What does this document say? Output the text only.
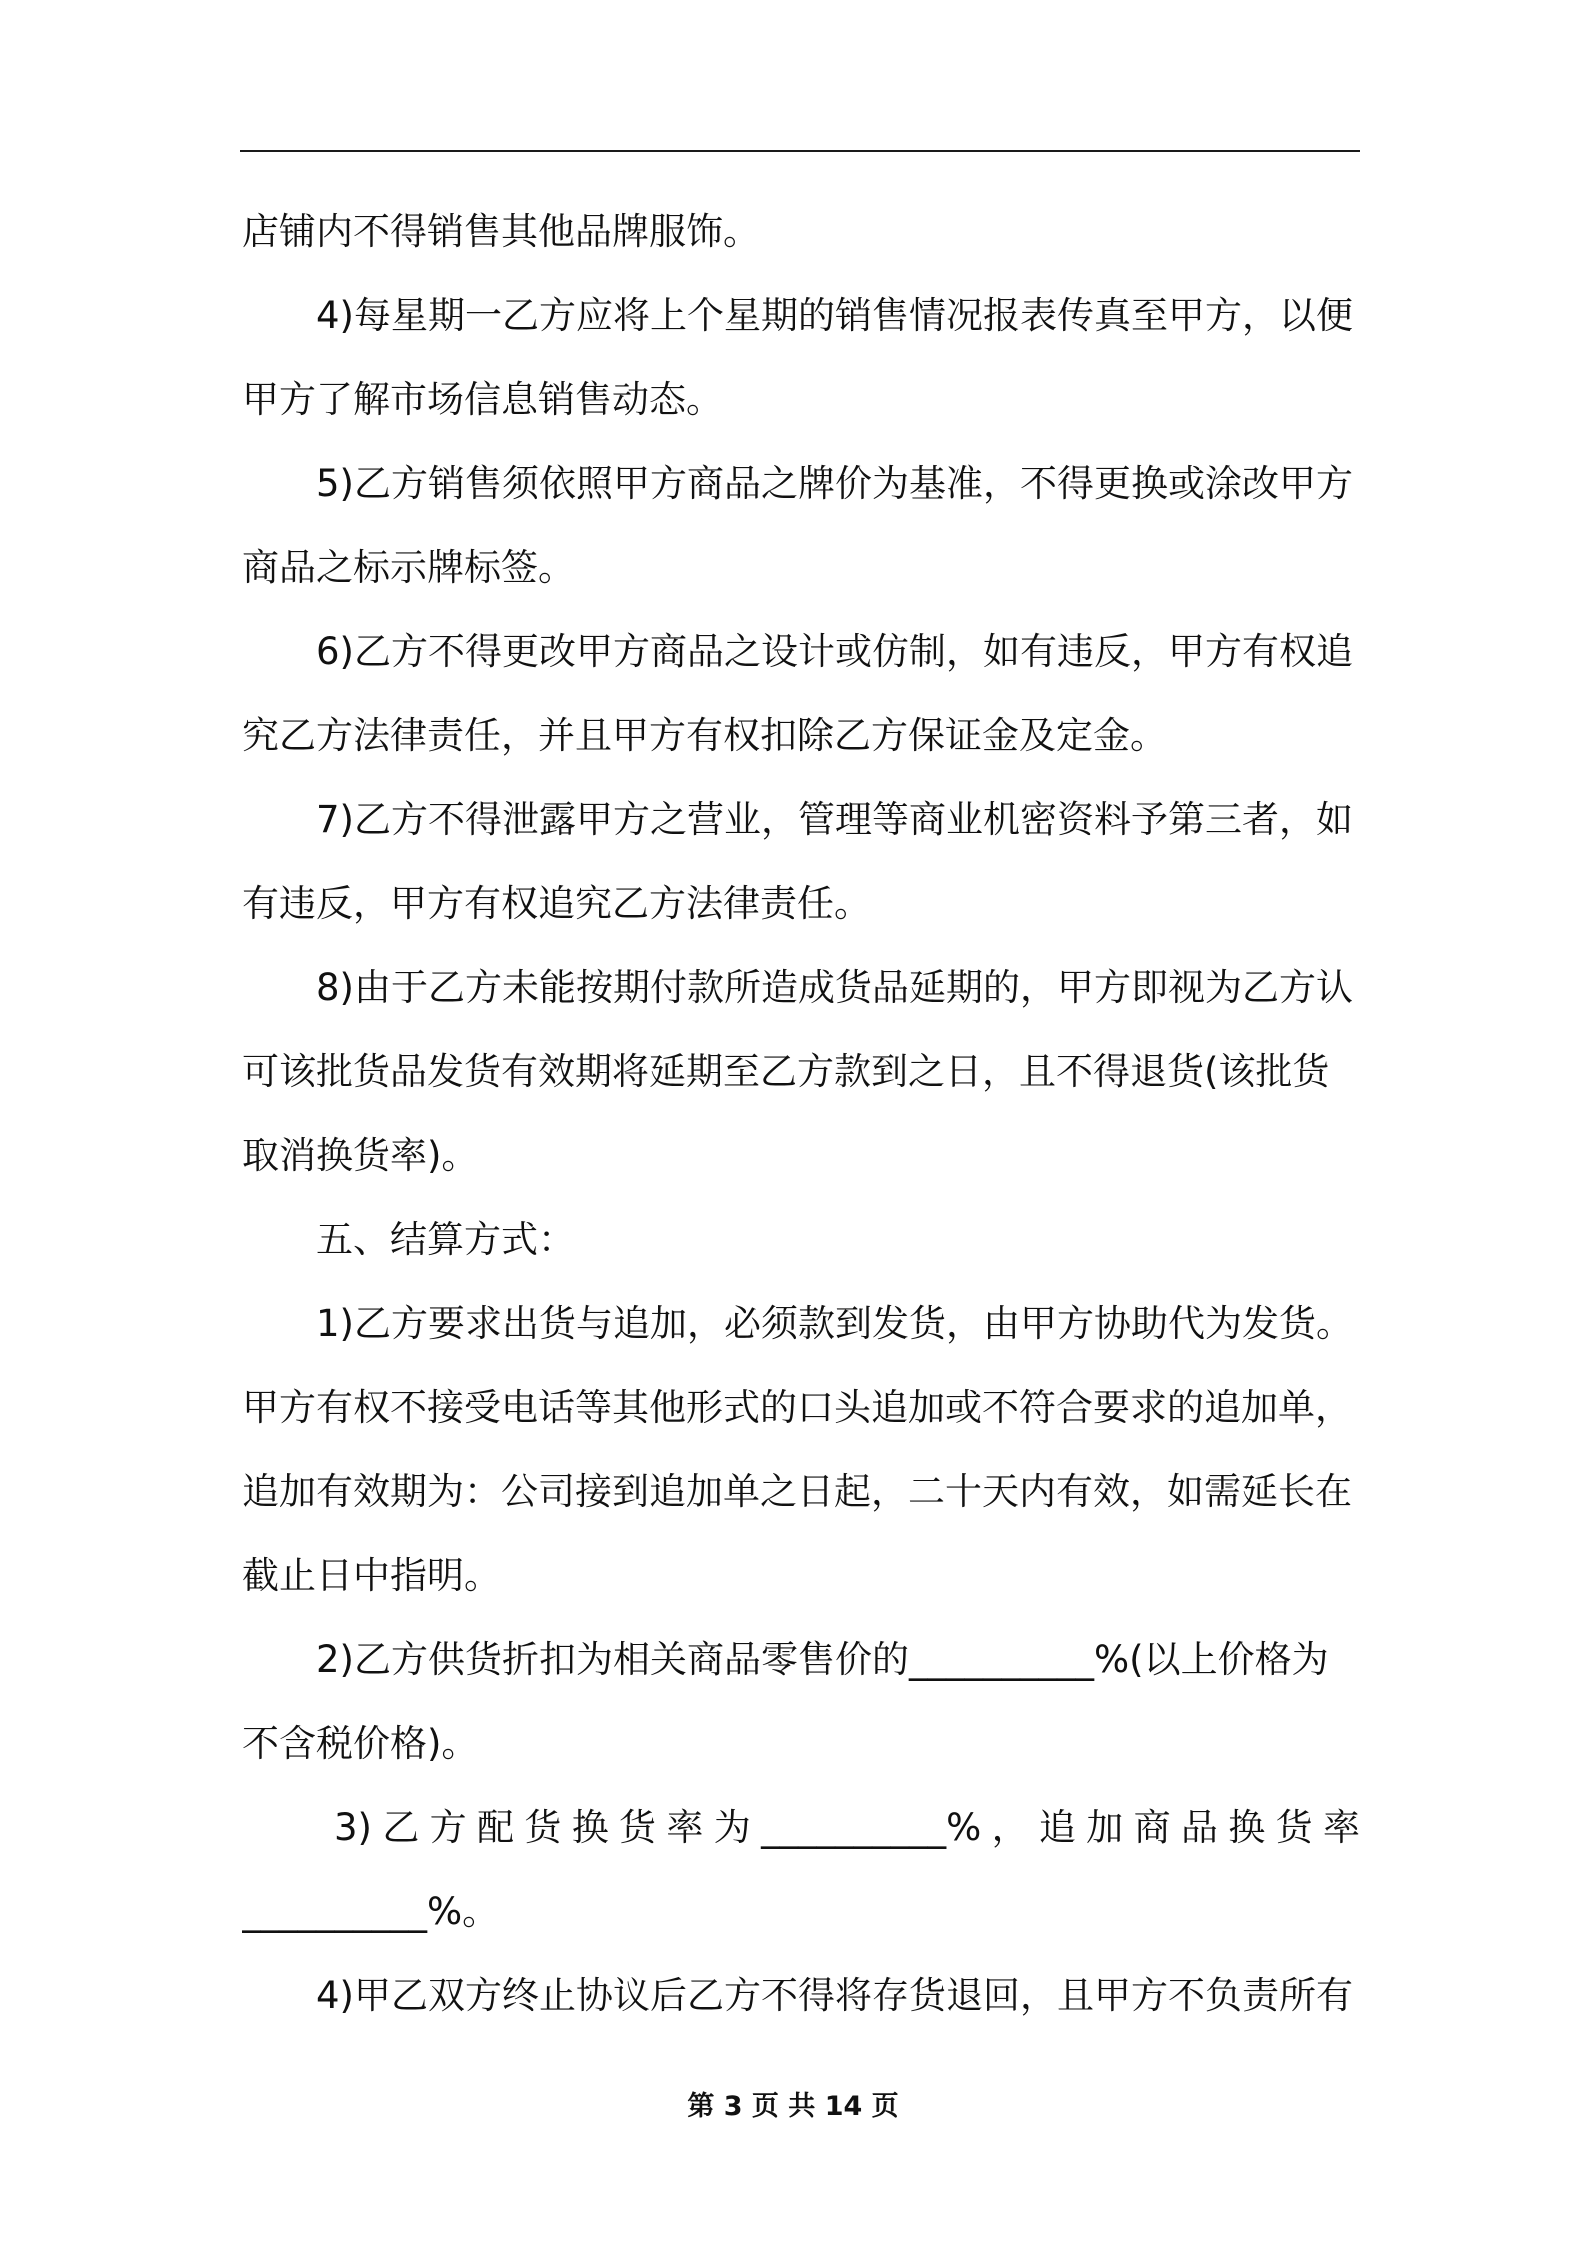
店铺内不得销售其他品牌服饰。
4)每星期一乙方应将上个星期的销售情况报表传真至甲方，以便
甲方了解市场信息销售动态。
5)乙方销售须依照甲方商品之牌价为基准，不得更换或涂改甲方
商品之标示牌标签。
6)乙方不得更改甲方商品之设计或仿制，如有违反，甲方有权追
究乙方法律责任，并且甲方有权扣除乙方保证金及定金。
7)乙方不得泄露甲方之营业，管理等商业机密资料予第三者，如
有违反，甲方有权追究乙方法律责任。
8)由于乙方未能按期付款所造成货品延期的，甲方即视为乙方认
可该批货品发货有效期将延期至乙方款到之日，且不得退货(该批货
取消换货率)。
五、结算方式：
1)乙方要求出货与追加，必须款到发货，由甲方协助代为发货。
甲方有权不接受电话等其他形式的口头追加或不符合要求的追加单，
追加有效期为：公司接到追加单之日起，二十天内有效，如需延长在
截止日中指明。
2)乙方供货折扣为相关商品零售价的__________%(以上价格为
不含税价格)。
3)乙方配货换货率为__________%，追加商品换货率
__________%。
4)甲乙双方终止协议后乙方不得将存货退回，且甲方不负责所有
第 3 页 共 14 页
